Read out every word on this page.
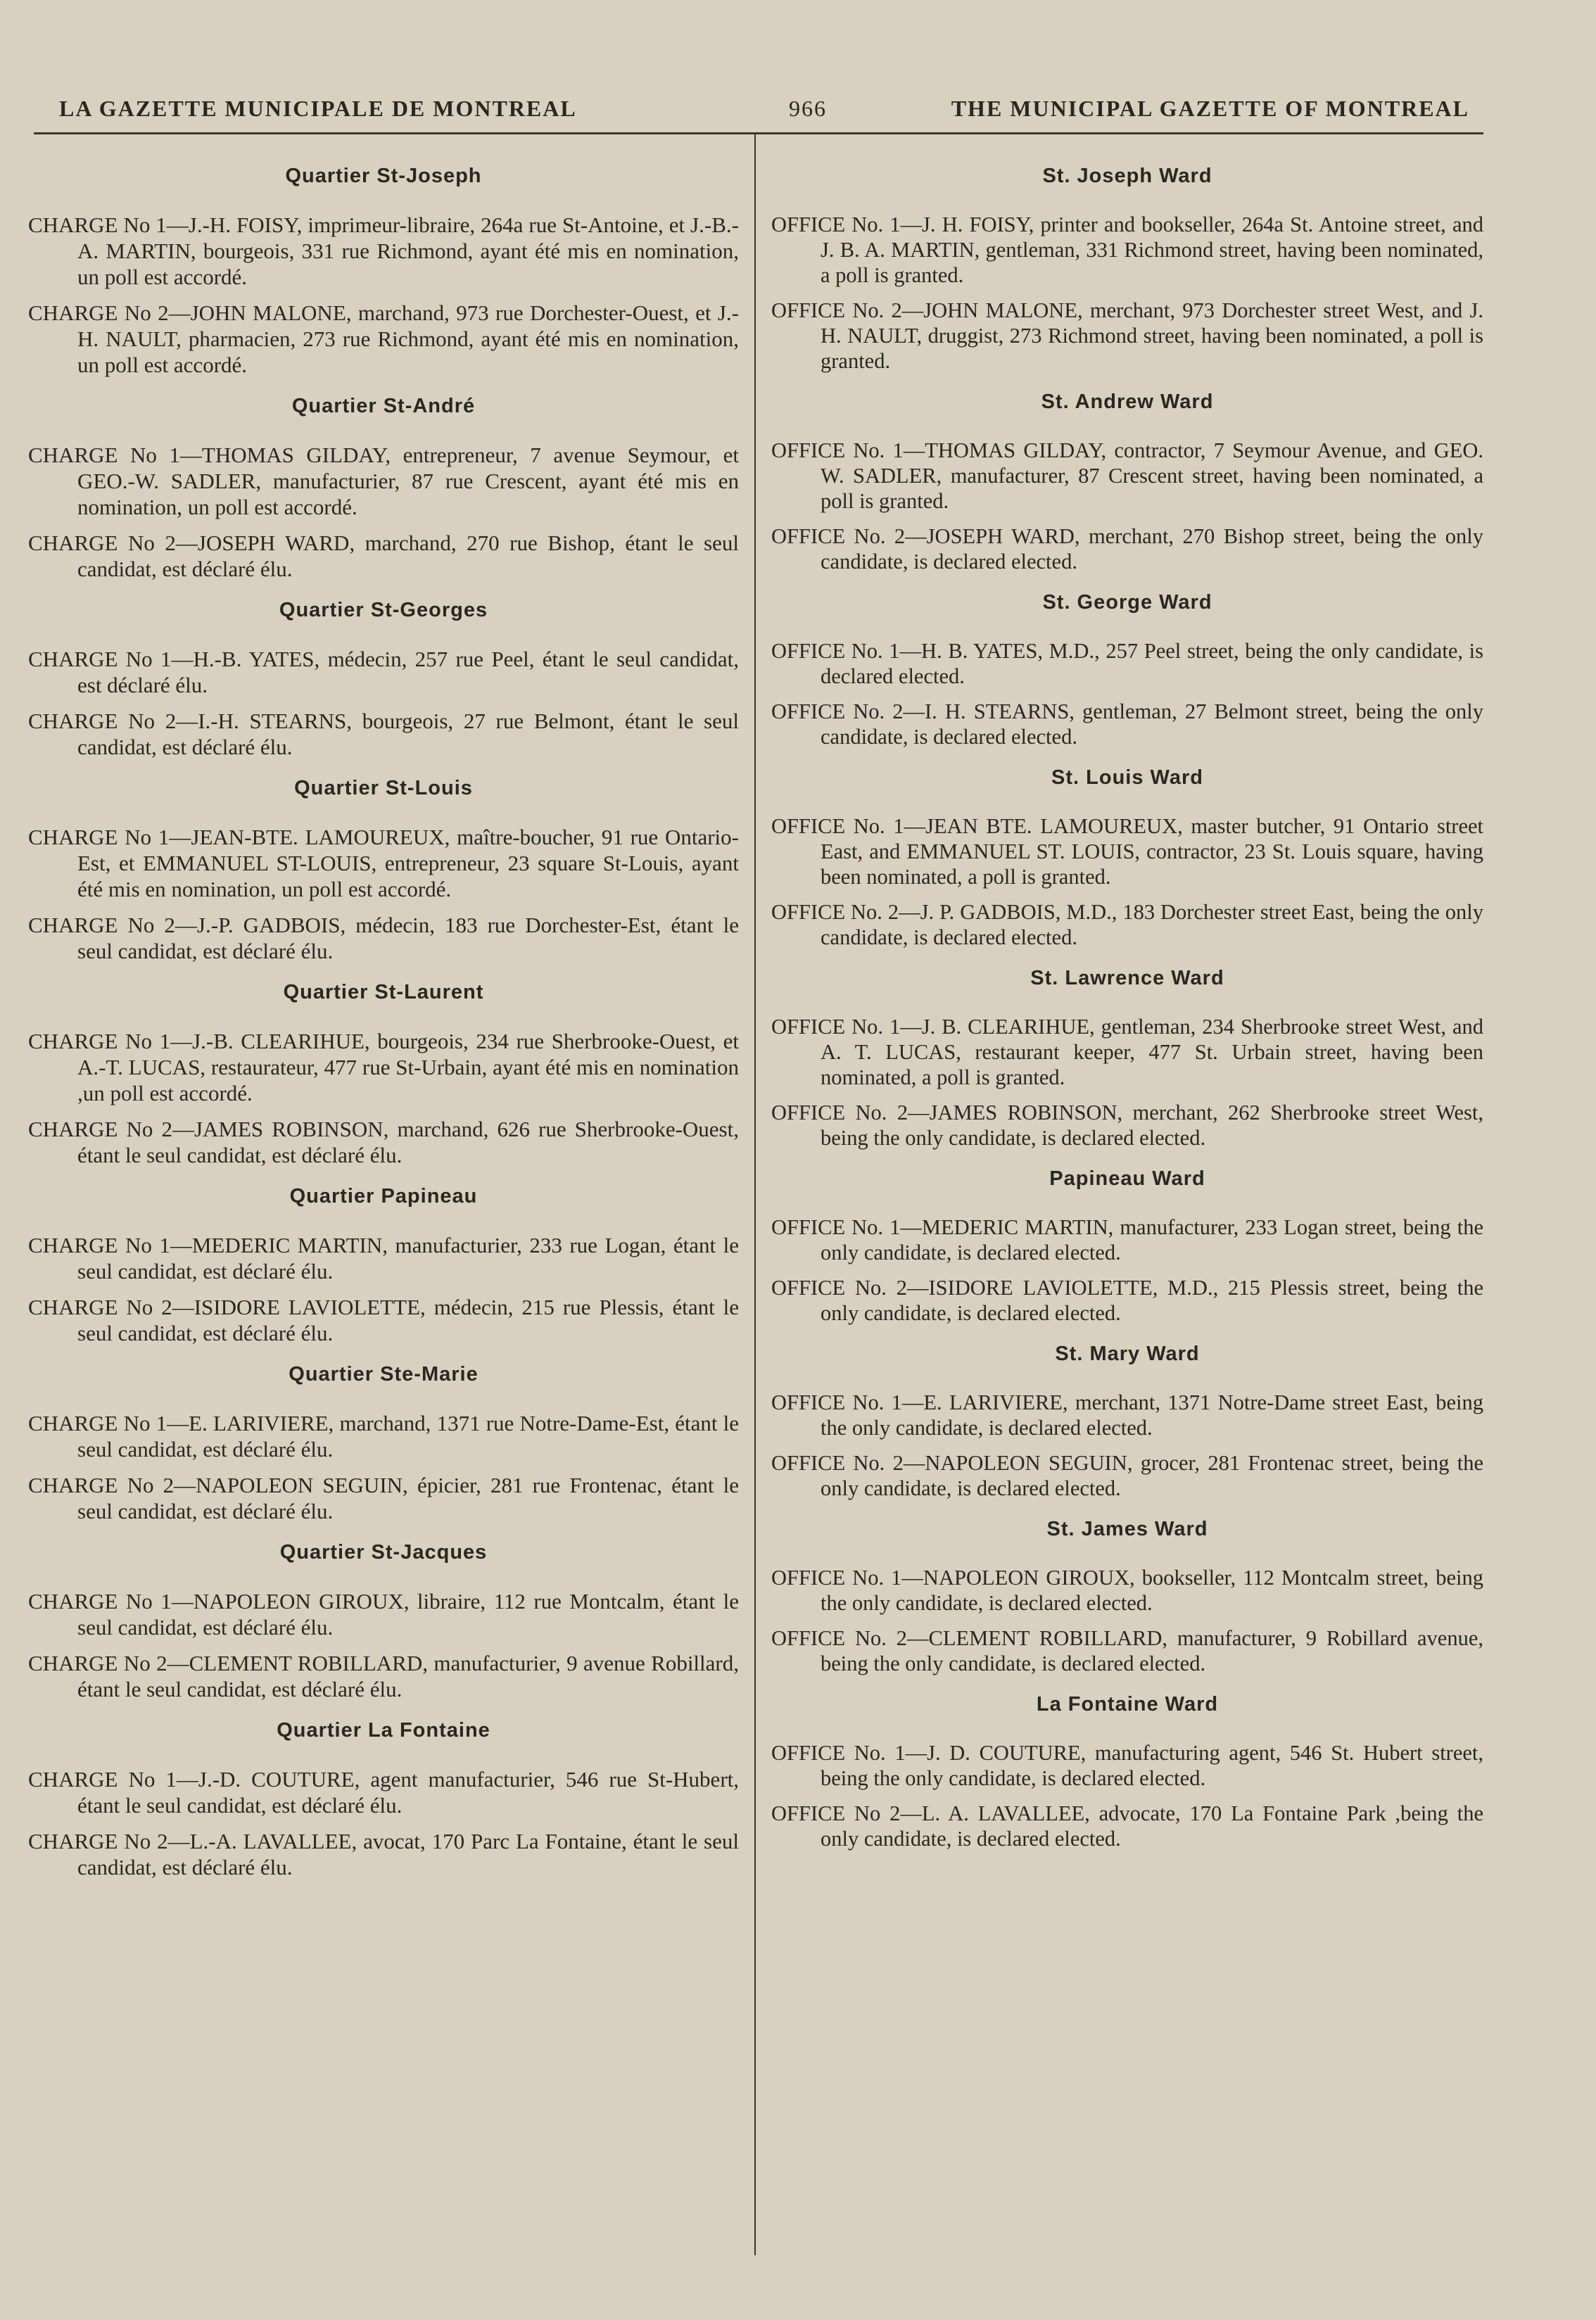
LA GAZETTE MUNICIPALE DE MONTREAL	966	THE MUNICIPAL GAZETTE OF MONTREAL
Quartier St-Joseph
CHARGE No 1—J.-H. FOISY, imprimeur-libraire, 264a rue St-Antoine, et J.-B.-A. MARTIN, bourgeois, 331 rue Richmond, ayant été mis en nomination, un poll est accordé.
CHARGE No 2—JOHN MALONE, marchand, 973 rue Dorchester-Ouest, et J.-H. NAULT, pharmacien, 273 rue Richmond, ayant été mis en nomination, un poll est accordé.
Quartier St-André
CHARGE No 1—THOMAS GILDAY, entrepreneur, 7 avenue Seymour, et GEO.-W. SADLER, manufacturier, 87 rue Crescent, ayant été mis en nomination, un poll est accordé.
CHARGE No 2—JOSEPH WARD, marchand, 270 rue Bishop, étant le seul candidat, est déclaré élu.
Quartier St-Georges
CHARGE No 1—H.-B. YATES, médecin, 257 rue Peel, étant le seul candidat, est déclaré élu.
CHARGE No 2—I.-H. STEARNS, bourgeois, 27 rue Belmont, étant le seul candidat, est déclaré élu.
Quartier St-Louis
CHARGE No 1—JEAN-BTE. LAMOUREUX, maître-boucher, 91 rue Ontario-Est, et EMMANUEL ST-LOUIS, entrepreneur, 23 square St-Louis, ayant été mis en nomination, un poll est accordé.
CHARGE No 2—J.-P. GADBOIS, médecin, 183 rue Dorchester-Est, étant le seul candidat, est déclaré élu.
Quartier St-Laurent
CHARGE No 1—J.-B. CLEARIHUE, bourgeois, 234 rue Sherbrooke-Ouest, et A.-T. LUCAS, restaurateur, 477 rue St-Urbain, ayant été mis en nomination ,un poll est accordé.
CHARGE No 2—JAMES ROBINSON, marchand, 626 rue Sherbrooke-Ouest, étant le seul candidat, est déclaré élu.
Quartier Papineau
CHARGE No 1—MEDERIC MARTIN, manufacturier, 233 rue Logan, étant le seul candidat, est déclaré élu.
CHARGE No 2—ISIDORE LAVIOLETTE, médecin, 215 rue Plessis, étant le seul candidat, est déclaré élu.
Quartier Ste-Marie
CHARGE No 1—E. LARIVIERE, marchand, 1371 rue Notre-Dame-Est, étant le seul candidat, est déclaré élu.
CHARGE No 2—NAPOLEON SEGUIN, épicier, 281 rue Frontenac, étant le seul candidat, est déclaré élu.
Quartier St-Jacques
CHARGE No 1—NAPOLEON GIROUX, libraire, 112 rue Montcalm, étant le seul candidat, est déclaré élu.
CHARGE No 2—CLEMENT ROBILLARD, manufacturier, 9 avenue Robillard, étant le seul candidat, est déclaré élu.
Quartier La Fontaine
CHARGE No 1—J.-D. COUTURE, agent manufacturier, 546 rue St-Hubert, étant le seul candidat, est déclaré élu.
CHARGE No 2—L.-A. LAVALLEE, avocat, 170 Parc La Fontaine, étant le seul candidat, est déclaré élu.
St. Joseph Ward
OFFICE No. 1—J. H. FOISY, printer and bookseller, 264a St. Antoine street, and J. B. A. MARTIN, gentleman, 331 Richmond street, having been nominated, a poll is granted.
OFFICE No. 2—JOHN MALONE, merchant, 973 Dorchester street West, and J. H. NAULT, druggist, 273 Richmond street, having been nominated, a poll is granted.
St. Andrew Ward
OFFICE No. 1—THOMAS GILDAY, contractor, 7 Seymour Avenue, and GEO. W. SADLER, manufacturer, 87 Crescent street, having been nominated, a poll is granted.
OFFICE No. 2—JOSEPH WARD, merchant, 270 Bishop street, being the only candidate, is declared elected.
St. George Ward
OFFICE No. 1—H. B. YATES, M.D., 257 Peel street, being the only candidate, is declared elected.
OFFICE No. 2—I. H. STEARNS, gentleman, 27 Belmont street, being the only candidate, is declared elected.
St. Louis Ward
OFFICE No. 1—JEAN BTE. LAMOUREUX, master butcher, 91 Ontario street East, and EMMANUEL ST. LOUIS, contractor, 23 St. Louis square, having been nominated, a poll is granted.
OFFICE No. 2—J. P. GADBOIS, M.D., 183 Dorchester street East, being the only candidate, is declared elected.
St. Lawrence Ward
OFFICE No. 1—J. B. CLEARIHUE, gentleman, 234 Sherbrooke street West, and A. T. LUCAS, restaurant keeper, 477 St. Urbain street, having been nominated, a poll is granted.
OFFICE No. 2—JAMES ROBINSON, merchant, 262 Sherbrooke street West, being the only candidate, is declared elected.
Papineau Ward
OFFICE No. 1—MEDERIC MARTIN, manufacturer, 233 Logan street, being the only candidate, is declared elected.
OFFICE No. 2—ISIDORE LAVIOLETTE, M.D., 215 Plessis street, being the only candidate, is declared elected.
St. Mary Ward
OFFICE No. 1—E. LARIVIERE, merchant, 1371 Notre-Dame street East, being the only candidate, is declared elected.
OFFICE No. 2—NAPOLEON SEGUIN, grocer, 281 Frontenac street, being the only candidate, is declared elected.
St. James Ward
OFFICE No. 1—NAPOLEON GIROUX, bookseller, 112 Montcalm street, being the only candidate, is declared elected.
OFFICE No. 2—CLEMENT ROBILLARD, manufacturer, 9 Robillard avenue, being the only candidate, is declared elected.
La Fontaine Ward
OFFICE No. 1—J. D. COUTURE, manufacturing agent, 546 St. Hubert street, being the only candidate, is declared elected.
OFFICE No 2—L. A. LAVALLEE, advocate, 170 La Fontaine Park ,being the only candidate, is declared elected.
